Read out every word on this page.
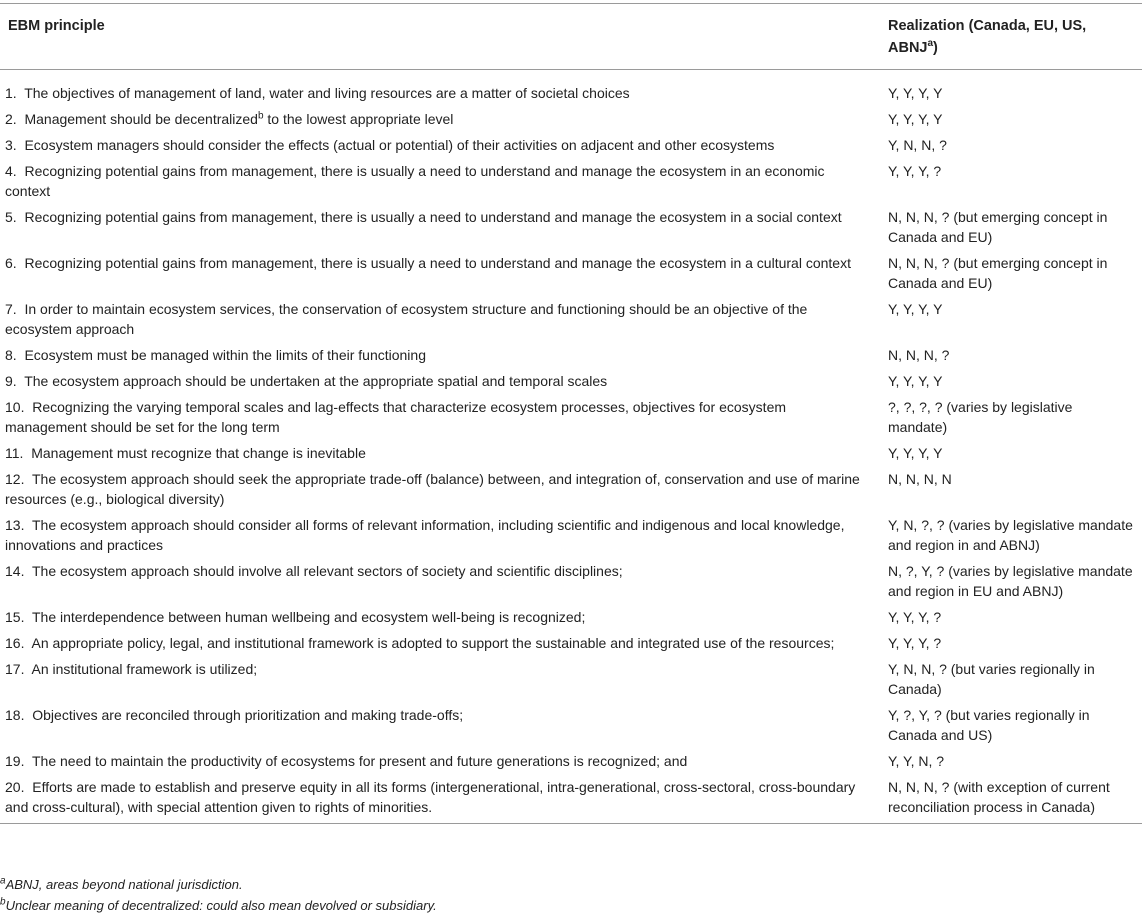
EBM principle	Realization (Canada, EU, US, ABNJ$^a$)
1. The objectives of management of land, water and living resources are a matter of societal choices	Y, Y, Y, Y
2. Management should be decentralized$^b$ to the lowest appropriate level	Y, Y, Y, Y
3. Ecosystem managers should consider the effects (actual or potential) of their activities on adjacent and other ecosystems	Y, N, N, ?
4. Recognizing potential gains from management, there is usually a need to understand and manage the ecosystem in an economic context	Y, Y, Y, ?
5. Recognizing potential gains from management, there is usually a need to understand and manage the ecosystem in a social context	N, N, N, ? (but emerging concept in Canada and EU)
6. Recognizing potential gains from management, there is usually a need to understand and manage the ecosystem in a cultural context	N, N, N, ? (but emerging concept in Canada and EU)
7. In order to maintain ecosystem services, the conservation of ecosystem structure and functioning should be an objective of the ecosystem approach	Y, Y, Y, Y
8. Ecosystem must be managed within the limits of their functioning	N, N, N, ?
9. The ecosystem approach should be undertaken at the appropriate spatial and temporal scales	Y, Y, Y, Y
10. Recognizing the varying temporal scales and lag-effects that characterize ecosystem processes, objectives for ecosystem management should be set for the long term	?, ?, ?, ? (varies by legislative mandate)
11. Management must recognize that change is inevitable	Y, Y, Y, Y
12. The ecosystem approach should seek the appropriate trade-off (balance) between, and integration of, conservation and use of marine resources (e.g., biological diversity)	N, N, N, N
13. The ecosystem approach should consider all forms of relevant information, including scientific and indigenous and local knowledge, innovations and practices	Y, N, ?, ? (varies by legislative mandate and region in and ABNJ)
14. The ecosystem approach should involve all relevant sectors of society and scientific disciplines;	N, ?, Y, ? (varies by legislative mandate and region in EU and ABNJ)
15. The interdependence between human wellbeing and ecosystem well-being is recognized;	Y, Y, Y, ?
16. An appropriate policy, legal, and institutional framework is adopted to support the sustainable and integrated use of the resources;	Y, Y, Y, ?
17. An institutional framework is utilized;	Y, N, N, ? (but varies regionally in Canada)
18. Objectives are reconciled through prioritization and making trade-offs;	Y, ?, Y, ? (but varies regionally in Canada and US)
19. The need to maintain the productivity of ecosystems for present and future generations is recognized; and	Y, Y, N, ?
20. Efforts are made to establish and preserve equity in all its forms (intergenerational, intra-generational, cross-sectoral, cross-boundary and cross-cultural), with special attention given to rights of minorities.	N, N, N, ? (with exception of current reconciliation process in Canada)

$^a$ABNJ, areas beyond national jurisdiction.

$^b$Unclear meaning of decentralized: could also mean devolved or subsidiary.
